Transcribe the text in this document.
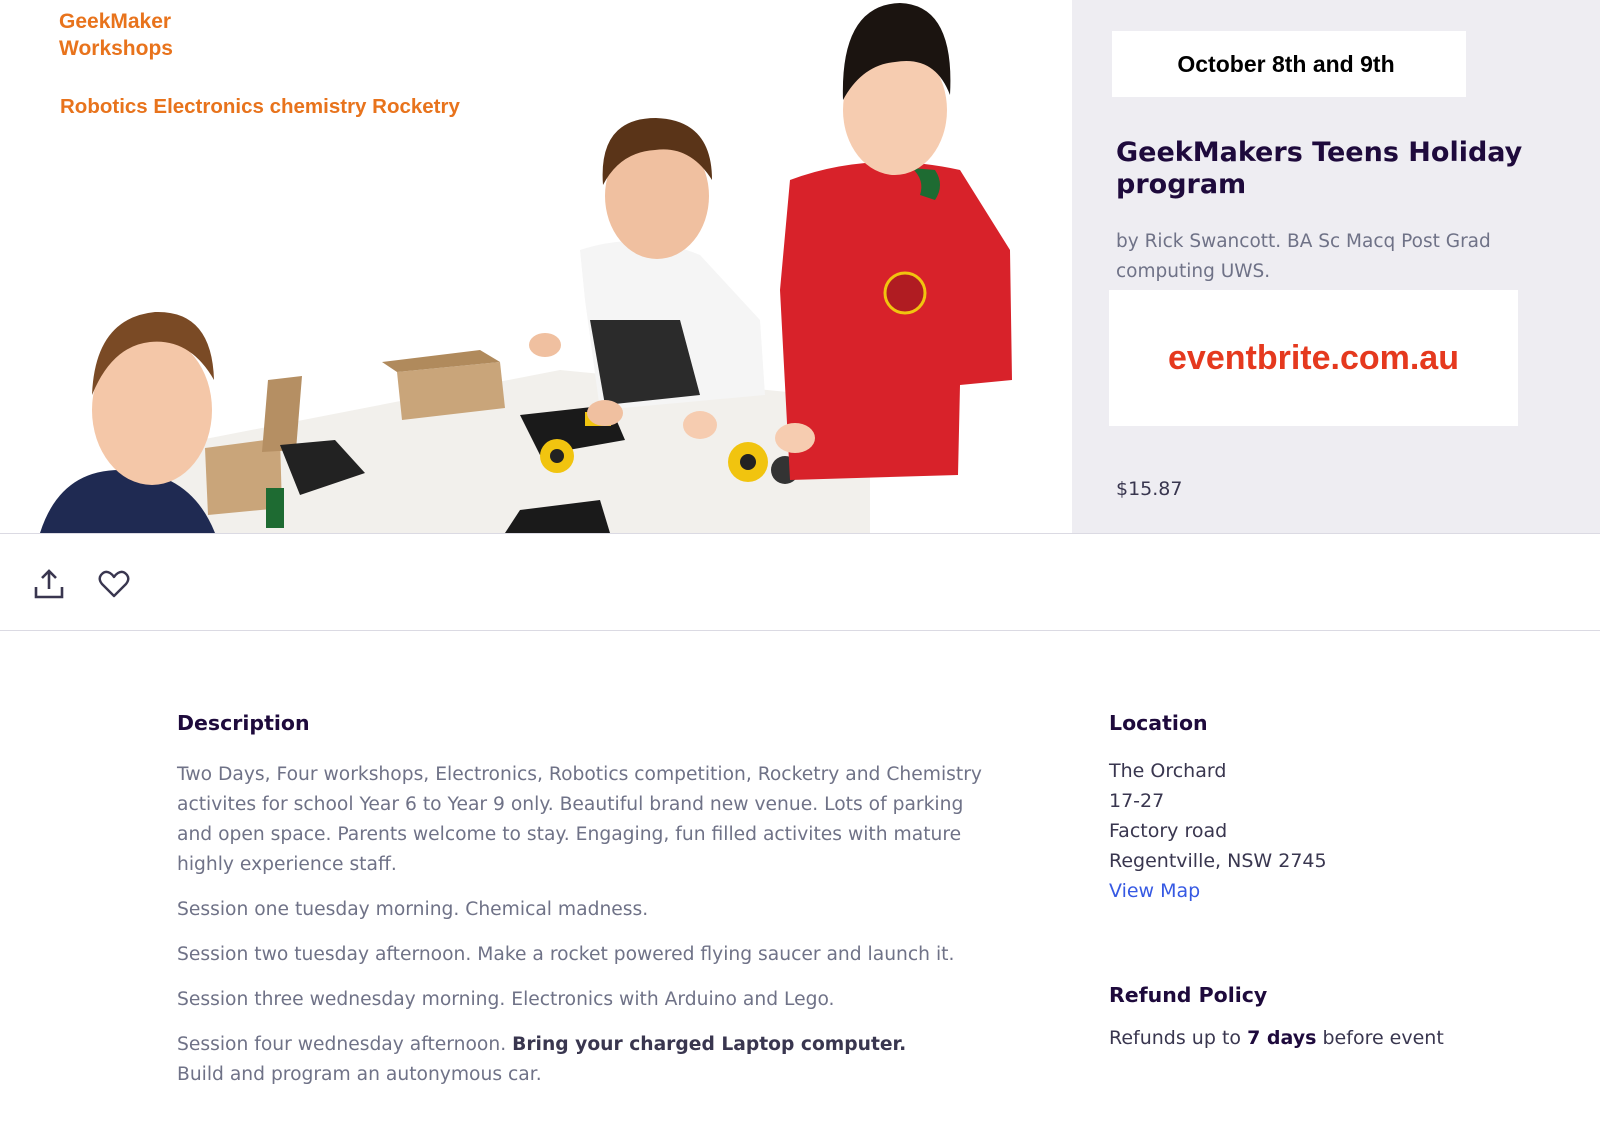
GeekMaker
Workshops
Robotics Electronics chemistry Rocketry
October 8th and 9th
GeekMakers Teens Holiday program
by Rick Swancott. BA Sc Macq Post Grad computing UWS.
eventbrite.com.au
$15.87
Description

Two Days, Four workshops, Electronics, Robotics competition, Rocketry and Chemistry activites for school Year 6 to Year 9 only. Beautiful brand new venue. Lots of parking and open space. Parents welcome to stay. Engaging, fun filled activites with mature highly experience staff.

Session one tuesday morning. Chemical madness.

Session two tuesday afternoon. Make a rocket powered flying saucer and launch it.

Session three wednesday morning. Electronics with Arduino and Lego.

Session four wednesday afternoon. Bring your charged Laptop computer.
Build and program an autonymous car.

Location
The Orchard
17-27
Factory road
Regentville, NSW 2745
View Map
Refund Policy
Refunds up to 7 days before event
